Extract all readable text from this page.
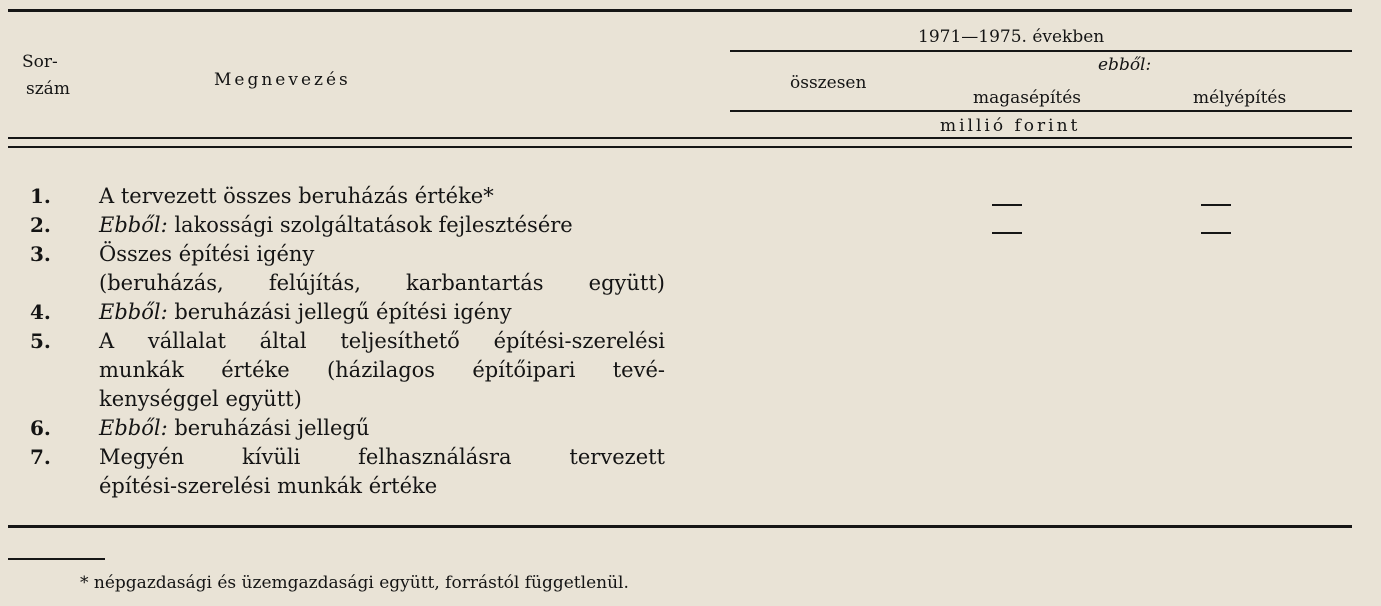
Sor-
szám	Megnevezés
1971—1975. években
összesen
ebből:
magasépítés	mélyépítés
millió forint
1. A tervezett összes beruházás értéke*
2. Ebből: lakossági szolgáltatások fejlesztésére
3. Összes építési igény
(beruházás, felújítás, karbantartás együtt)
4. Ebből: beruházási jellegű építési igény
5. A vállalat által teljesíthető építési-szerelési
munkák értéke (házilagos építőipari tevé-
kenységgel együtt)
6. Ebből: beruházási jellegű
7. Megyén kívüli felhasználásra tervezett
építési-szerelési munkák értéke
* népgazdasági és üzemgazdasági együtt, forrástól függetlenül.
